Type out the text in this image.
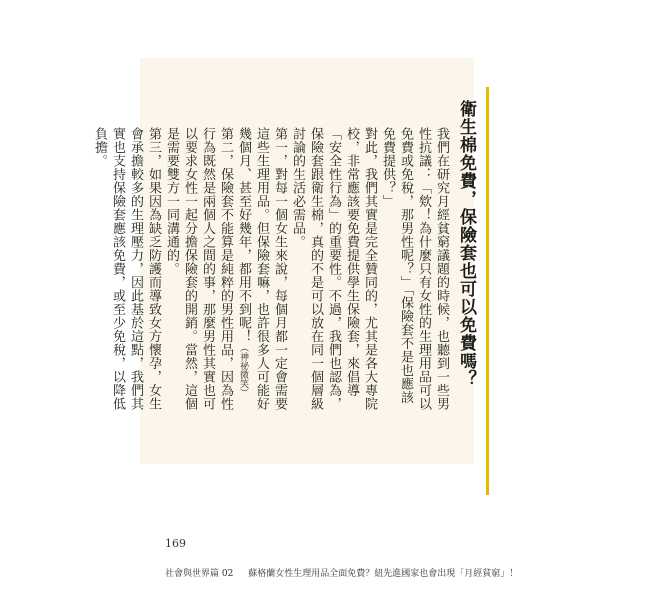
衛生棉免費，保險套也可以免費嗎？

我們在研究月經貧窮議題的時候，也聽到一些男性抗議：「欸！為什麼只有女性的生理用品可以免費或免稅，那男性呢？」「保險套不是也應該免費提供？」

對此，我們其實是完全贊同的，尤其是各大專院校，非常應該要免費提供學生保險套，來倡導「安全性行為」的重要性。不過，我們也認為，保險套跟衛生棉，真的不是可以放在同一個層級討論的生活必需品。

第一，對每一個女生來說，每個月都一定會需要這些生理用品。但保險套嘛，也許很多人可能好幾個月、甚至好幾年，都用不到呢！（神祕微笑）

第二，保險套不能算是純粹的男性用品，因為性行為既然是兩個人之間的事，那麼男性其實也可以要求女性一起分擔保險套的開銷。當然，這個是需要雙方一同溝通的。

第三，如果因為缺乏防護而導致女方懷孕，女生會承擔較多的生理壓力，因此基於這點，我們其實也支持保險套應該免費，或至少免稅，以降低負擔。

169
社會與世界篇 02 蘇格蘭女性生理用品全面免費？紐先進國家也會出現「月經貧窮」！
